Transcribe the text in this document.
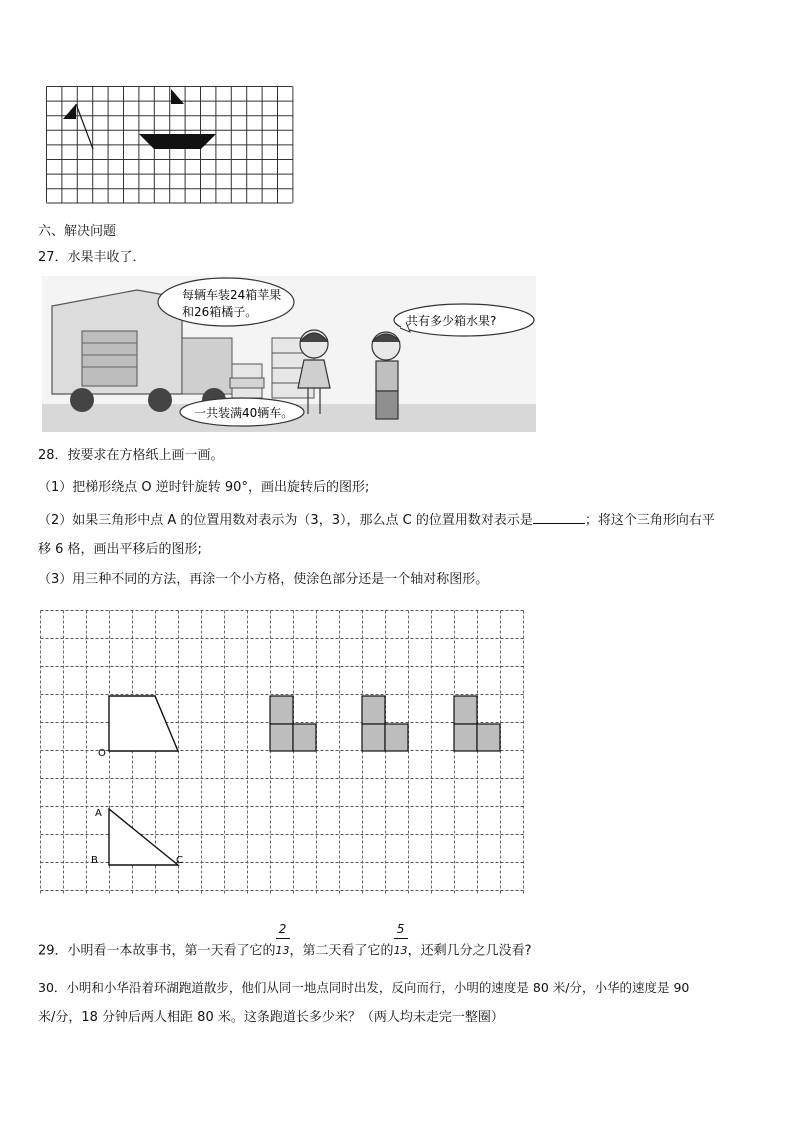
六、解决问题
27．水果丰收了．
每辆车装24箱苹果
和26箱橘子。
一共装满40辆车。
共有多少箱水果?
28．按要求在方格纸上画一画。
（1）把梯形绕点 O 逆时针旋转 90°，画出旋转后的图形;
（2）如果三角形中点 A 的位置用数对表示为（3，3），那么点 C 的位置用数对表示是	；将这个三角形向右平
移 6 格，画出平移后的图形;
（3）用三种不同的方法，再涂一个小方格，使涂色部分还是一个轴对称图形。
O
A
B	C
29．小明看一本故事书，第一天看了它的 $\frac{2}{13}$ ，第二天看了它的 $\frac{5}{13}$ ，还剩几分之几没看?
30．小明和小华沿着环湖跑道散步，他们从同一地点同时出发，反向而行，小明的速度是 80 米/分，小华的速度是 90
米/分，18 分钟后两人相距 80 米。这条跑道长多少米？（两人均未走完一整圈）
